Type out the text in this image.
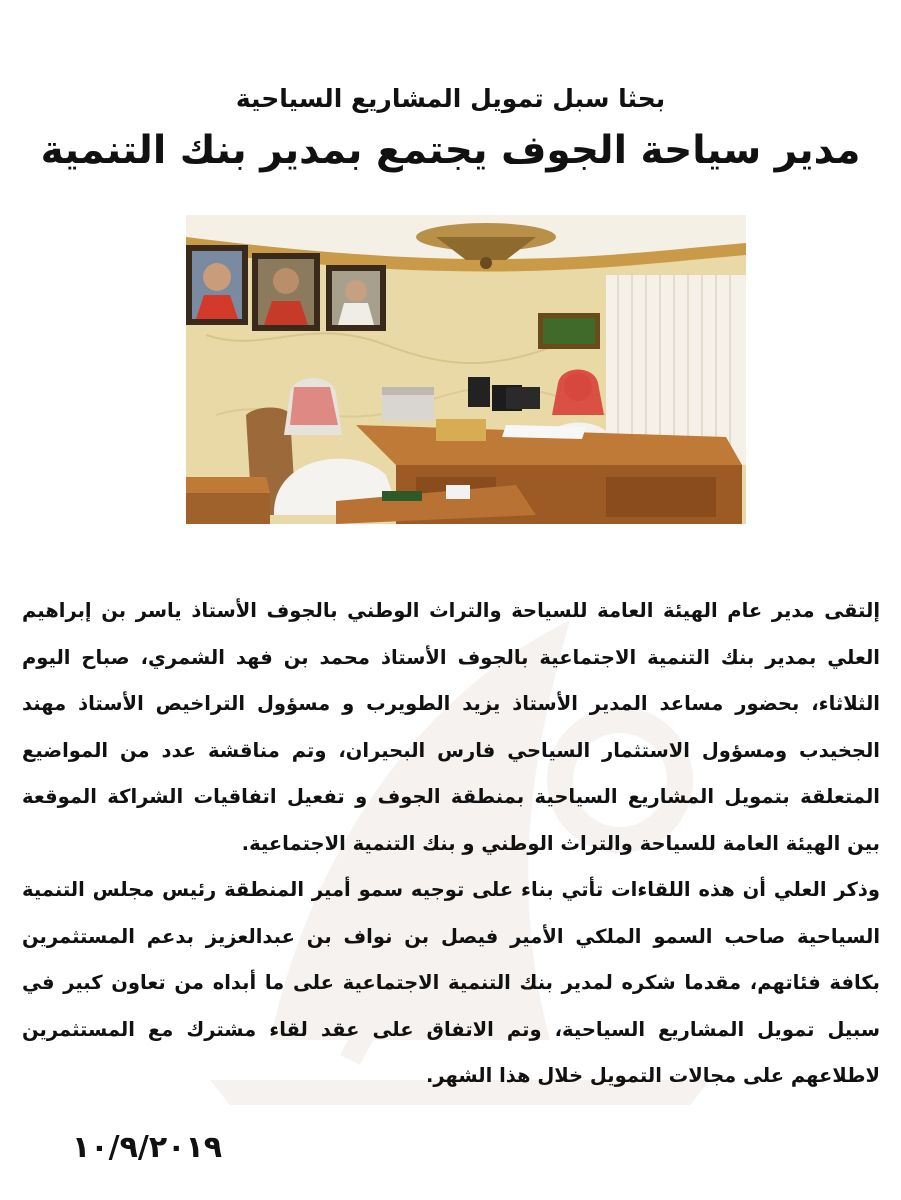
بحثا سبل تمويل المشاريع السياحية
مدير سياحة الجوف يجتمع بمدير بنك التنمية

إلتقى مدير عام الهيئة العامة للسياحة والتراث الوطني بالجوف الأستاذ ياسر بن إبراهيم العلي بمدير بنك التنمية الاجتماعية بالجوف الأستاذ محمد بن فهد الشمري، صباح اليوم الثلاثاء، بحضور مساعد المدير الأستاذ يزيد الطويرب و مسؤول التراخيص الأستاذ مهند الجخيدب ومسؤول الاستثمار السياحي فارس البحيران، وتم مناقشة عدد من المواضيع المتعلقة بتمويل المشاريع السياحية بمنطقة الجوف و تفعيل اتفاقيات الشراكة الموقعة بين الهيئة العامة للسياحة والتراث الوطني و بنك التنمية الاجتماعية.

وذكر العلي أن هذه اللقاءات تأتي بناء على توجيه سمو أمير المنطقة رئيس مجلس التنمية السياحية صاحب السمو الملكي الأمير فيصل بن نواف بن عبدالعزيز بدعم المستثمرين بكافة فئاتهم، مقدما شكره لمدير بنك التنمية الاجتماعية على ما أبداه من تعاون كبير في سبيل تمويل المشاريع السياحية، وتم الاتفاق على عقد لقاء مشترك مع المستثمرين لاطلاعهم على مجالات التمويل خلال هذا الشهر.

١٠/٩/٢٠١٩
